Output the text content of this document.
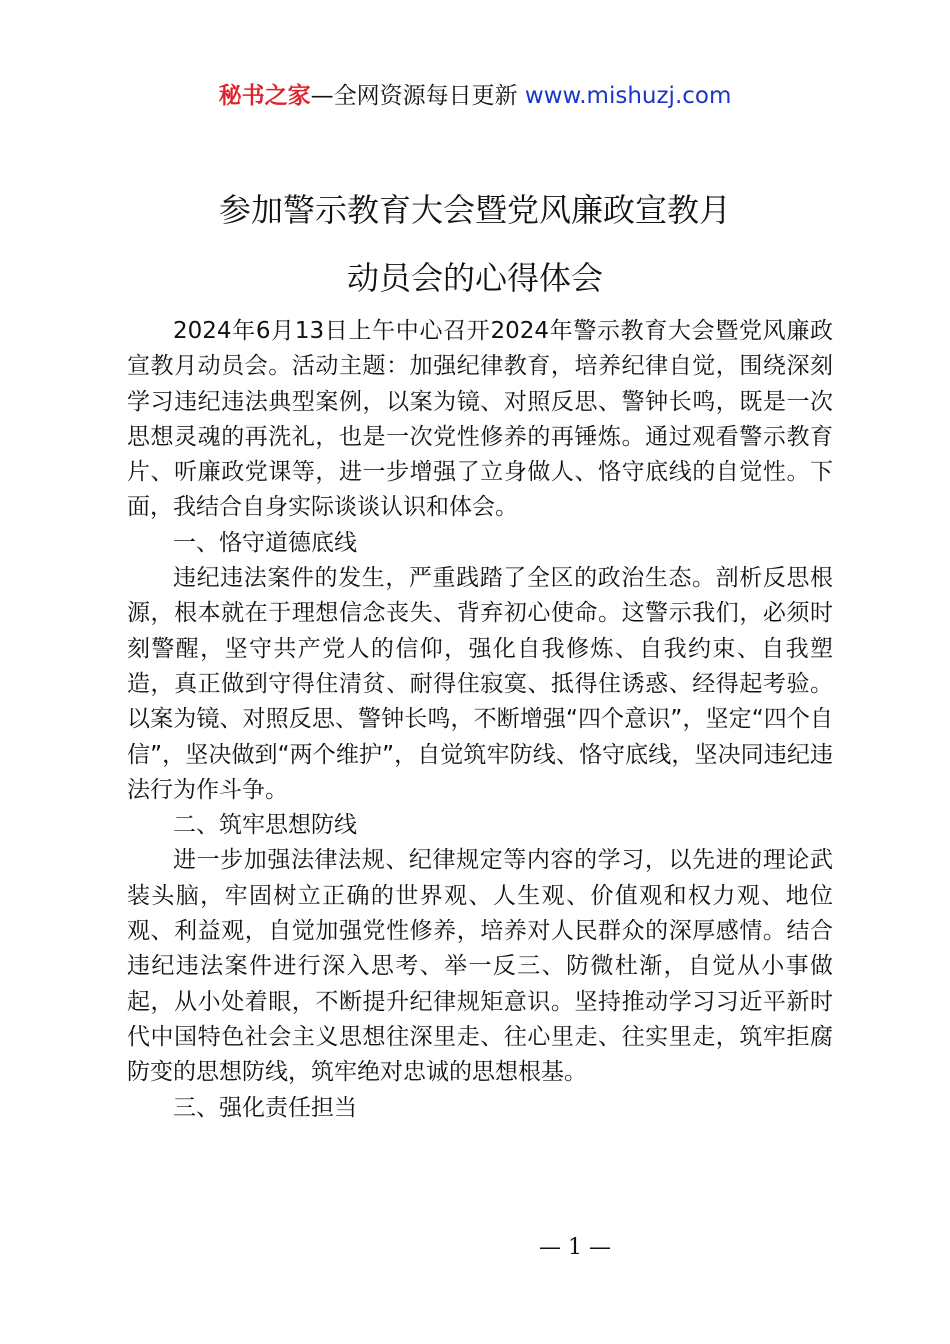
秘书之家—全网资源每日更新 www.mishuzj.com
参加警示教育大会暨党风廉政宣教月
动员会的心得体会

2024年6月13日上午中心召开2024年警示教育大会暨党风廉政宣教月动员会。活动主题：加强纪律教育，培养纪律自觉，围绕深刻学习违纪违法典型案例，以案为镜、对照反思、警钟长鸣，既是一次思想灵魂的再洗礼，也是一次党性修养的再锤炼。通过观看警示教育片、听廉政党课等，进一步增强了立身做人、恪守底线的自觉性。下面，我结合自身实际谈谈认识和体会。

一、恪守道德底线

违纪违法案件的发生，严重践踏了全区的政治生态。剖析反思根源，根本就在于理想信念丧失、背弃初心使命。这警示我们，必须时刻警醒，坚守共产党人的信仰，强化自我修炼、自我约束、自我塑造，真正做到守得住清贫、耐得住寂寞、抵得住诱惑、经得起考验。以案为镜、对照反思、警钟长鸣，不断增强“四个意识”，坚定“四个自信”，坚决做到“两个维护”，自觉筑牢防线、恪守底线，坚决同违纪违法行为作斗争。

二、筑牢思想防线

进一步加强法律法规、纪律规定等内容的学习，以先进的理论武装头脑，牢固树立正确的世界观、人生观、价值观和权力观、地位观、利益观，自觉加强党性修养，培养对人民群众的深厚感情。结合违纪违法案件进行深入思考、举一反三、防微杜渐，自觉从小事做起，从小处着眼，不断提升纪律规矩意识。坚持推动学习习近平新时代中国特色社会主义思想往深里走、往心里走、往实里走，筑牢拒腐防变的思想防线，筑牢绝对忠诚的思想根基。

三、强化责任担当

— 1 —
